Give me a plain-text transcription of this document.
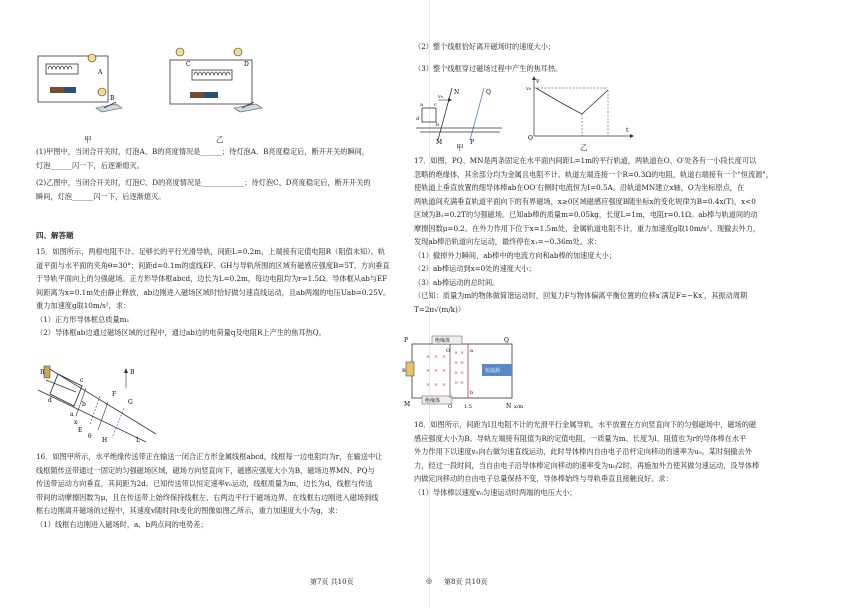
A
B
甲
C	D
乙

(1)甲图中，当闭合开关时，灯泡A、B的亮度情况是______；待灯泡A、B亮度稳定后，断开开关的瞬间，

灯泡______闪一下，后逐渐熄灭。

(2)乙图中，当闭合开关时，灯泡C、D的亮度情况是____________；待灯泡C、D亮度稳定后，断开开关的

瞬间，灯泡______闪一下，后逐渐熄灭。

四、解答题

15．如图所示，两根电阻不计、足够长的平行光滑导轨，间距L=0.2m，上端接有定值电阻R（阻值未知），轨

道平面与水平面的夹角θ=30°；间距d=0.1m的虚线EF、GH与导轨所围的区域有磁感应强度B=5T、方向垂直

于导轨平面向上的匀强磁场。正方形导体框abcd，边长为L=0.2m，每边电阻均为r=1.5Ω。导体框从ab与EF

间距离为x=0.1m处由静止释放，ab边刚进入磁场区域时恰好做匀速直线运动，且ab两端的电压Uab=0.25V。

重力加速度g取10m/s²，求：

（1）正方形导体框总质量m₁

（2）导体框ab边通过磁场区域的过程中，通过ab边的电荷量q及电阻R上产生的焦耳热Q。

R
c
b
a
d
B
F
G
x
E
θ
H	L

16．如图甲所示，水平绝缘传送带正在输送一闭合正方形金属线框abcd，线框每一边电阻均为r，在输送中让

线框随传送带通过一固定的匀强磁场区域，磁场方向竖直向下，磁感应强度大小为B，磁场边界MN、PQ与

传送带运动方向垂直，其间距为2d。已知传送带以恒定速率v₀运动，线框质量为m，边长为d，线框与传送

带间的动摩擦因数为μ，且在传送带上始终保持线框左、右两边平行于磁场边界，在线框右边刚进入磁场到线

框右边刚离开磁场的过程中，其速度v随时间t变化的图像如图乙所示，重力加速度大小为g，求：

（1）线框右边刚进入磁场时，a、b两点间的电势差；

第7页 共10页	◎

（2）整个线框恰好离开磁场时的速度大小；

（3）整个线框穿过磁场过程中产生的焦耳热。

N	Q
v₀
M	P
d
c
a
b
甲
v
v₀
O
t
乙

17．如图，PQ、MN是两条固定在水平面内间距L=1m的平行轨道，两轨道在O、O′处各有一小段长度可以

忽略的绝缘体，其余部分均为金属且电阻不计。轨道左端连接一个R=0.3Ω的电阻，轨道右端接有一个"恒流源"，

使轨道上垂直放置的细导体棒ab在OO′右侧时电流恒为I=0.5A。沿轨道MN建立x轴，O为坐标原点，在

两轨道间充满垂直轨道平面向下的有界磁场，x≥0区域磁感应强度B随坐标x的变化规律为B=0.4x(T)，x<0

区域为B₁=0.2T的匀强磁场。已知ab棒的质量m=0.05kg，长度L=1m，电阻r=0.1Ω。ab棒与轨道间的动

摩擦因数μ=0.2。在外力作用下位于x=1.5m处，金属轨道电阻不计，重力加速度g取10m/s²。现撤去外力，

发现ab棒沿轨道向左运动，最终停在x₁=−0.36m处。求：

（1）撤掉外力瞬间，ab棒中的电流方向和ab棒的加速度大小；

（2）ab棒运动到x=0处的速度大小；

（3）ab棒运动的总时间。

（已知：质量为m的物体做简谐运动时，回复力F与物体偏离平衡位置的位移x′满足F=−Kx′，其振动周期

T=2π√(m/k)）

绝缘体
绝缘体
恒流源
× ×
× ×
× ×
× ×
× × ×
× × ×
× × ×
P
O′
Q
M	O	N
R
a
b
1.5	x/m

18．如图所示，间距为l且电阻不计的光滑平行金属导轨，水平放置在方向竖直向下的匀强磁场中，磁场的磁

感应强度大小为B。导轨左端接有阻值为R的定值电阻，一质量为m、长度为l、阻值也为r的导体棒在水平

外力作用下以速度v₀向右做匀速直线运动，此时导体棒内自由电子沿杆定向移动的速率为u₀。某时刻撤去外

力，经过一段时间，当自由电子沿导体棒定向移动的速率变为u₀/2时，再施加外力使其做匀速运动，设导体棒

内做定向移动的自由电子总量保持不变，导体棒始终与导轨垂直且接触良好。求：

（1）导体棒以速度v₀匀速运动时两端的电压大小；

第8页 共10页
